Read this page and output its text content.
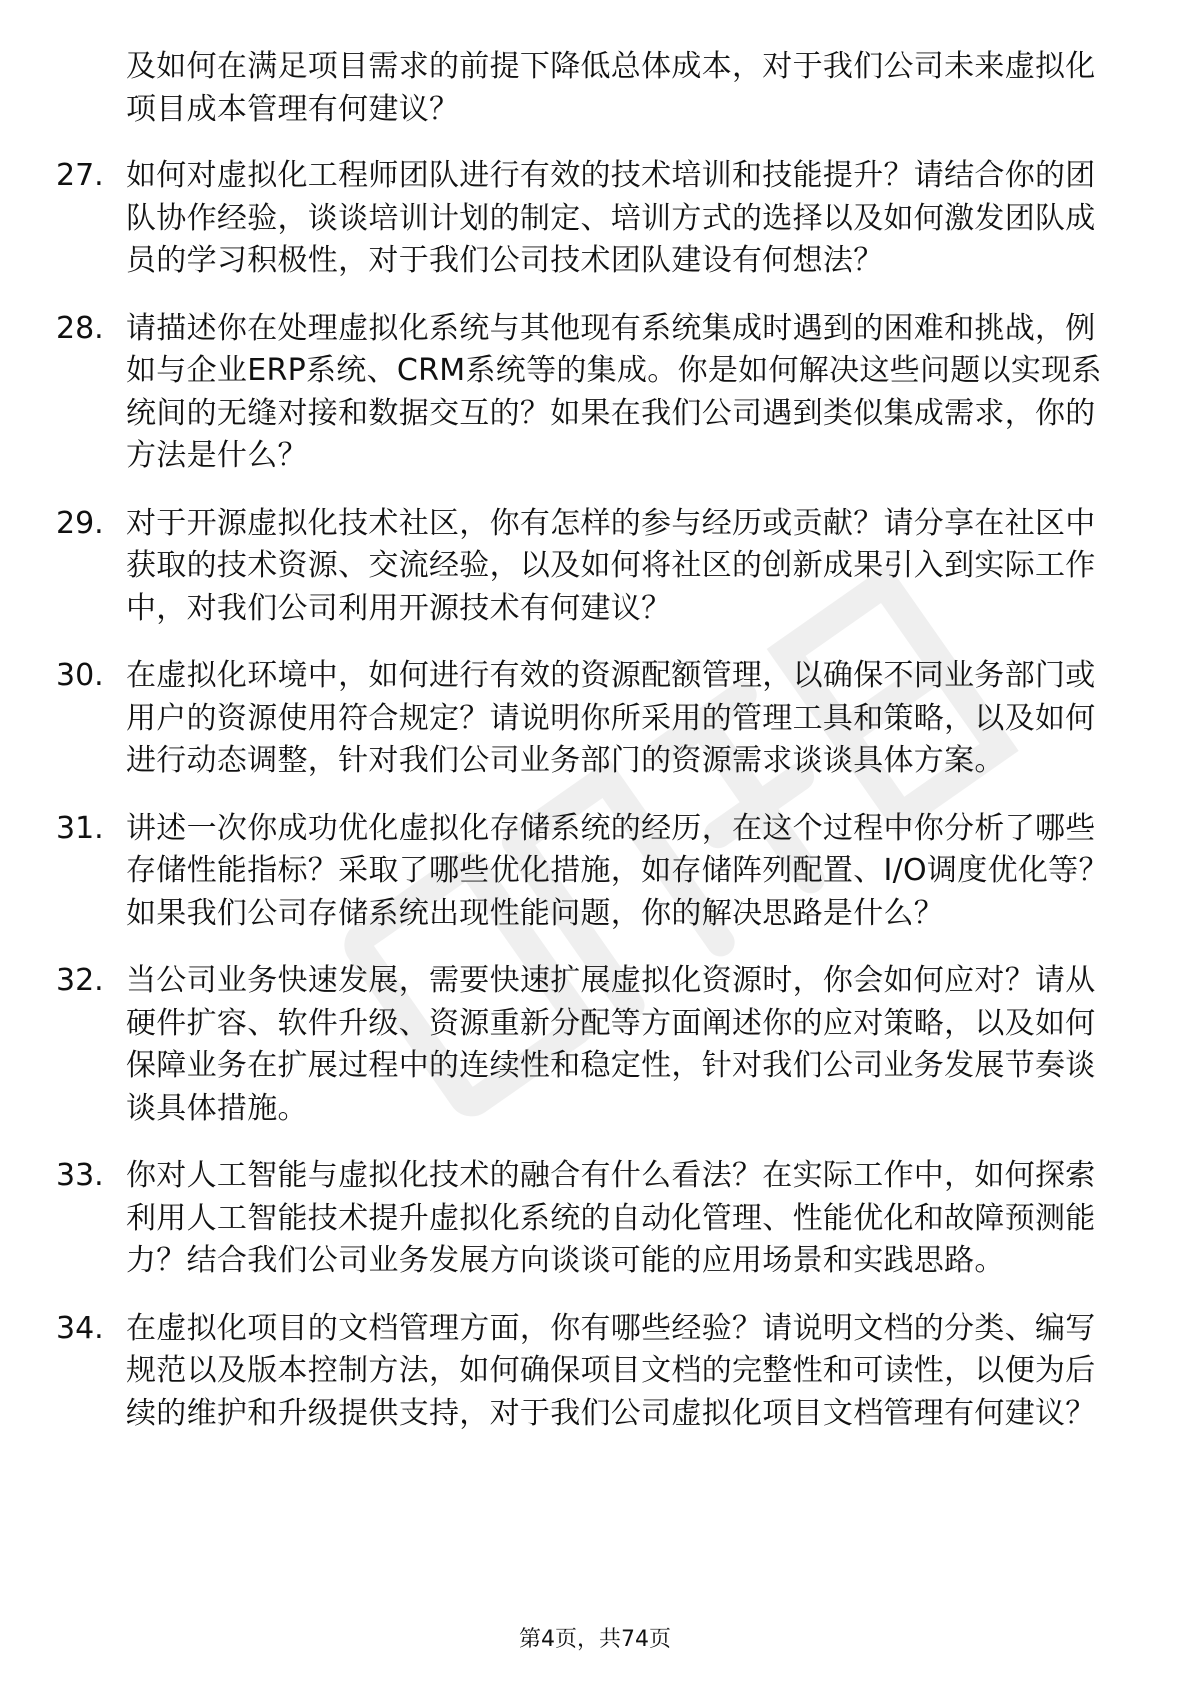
及如何在满足项目需求的前提下降低总体成本，对于我们公司未来虚拟化项目成本管理有何建议？
27. 如何对虚拟化工程师团队进行有效的技术培训和技能提升？请结合你的团队协作经验，谈谈培训计划的制定、培训方式的选择以及如何激发团队成员的学习积极性，对于我们公司技术团队建设有何想法？
28. 请描述你在处理虚拟化系统与其他现有系统集成时遇到的困难和挑战，例如与企业ERP系统、CRM系统等的集成。你是如何解决这些问题以实现系统间的无缝对接和数据交互的？如果在我们公司遇到类似集成需求，你的方法是什么？
29. 对于开源虚拟化技术社区，你有怎样的参与经历或贡献？请分享在社区中获取的技术资源、交流经验，以及如何将社区的创新成果引入到实际工作中，对我们公司利用开源技术有何建议？
30. 在虚拟化环境中，如何进行有效的资源配额管理，以确保不同业务部门或用户的资源使用符合规定？请说明你所采用的管理工具和策略，以及如何进行动态调整，针对我们公司业务部门的资源需求谈谈具体方案。
31. 讲述一次你成功优化虚拟化存储系统的经历，在这个过程中你分析了哪些存储性能指标？采取了哪些优化措施，如存储阵列配置、I/O调度优化等？如果我们公司存储系统出现性能问题，你的解决思路是什么？
32. 当公司业务快速发展，需要快速扩展虚拟化资源时，你会如何应对？请从硬件扩容、软件升级、资源重新分配等方面阐述你的应对策略，以及如何保障业务在扩展过程中的连续性和稳定性，针对我们公司业务发展节奏谈谈具体措施。
33. 你对人工智能与虚拟化技术的融合有什么看法？在实际工作中，如何探索利用人工智能技术提升虚拟化系统的自动化管理、性能优化和故障预测能力？结合我们公司业务发展方向谈谈可能的应用场景和实践思路。
34. 在虚拟化项目的文档管理方面，你有哪些经验？请说明文档的分类、编写规范以及版本控制方法，如何确保项目文档的完整性和可读性，以便为后续的维护和升级提供支持，对于我们公司虚拟化项目文档管理有何建议？
第4页，共74页
